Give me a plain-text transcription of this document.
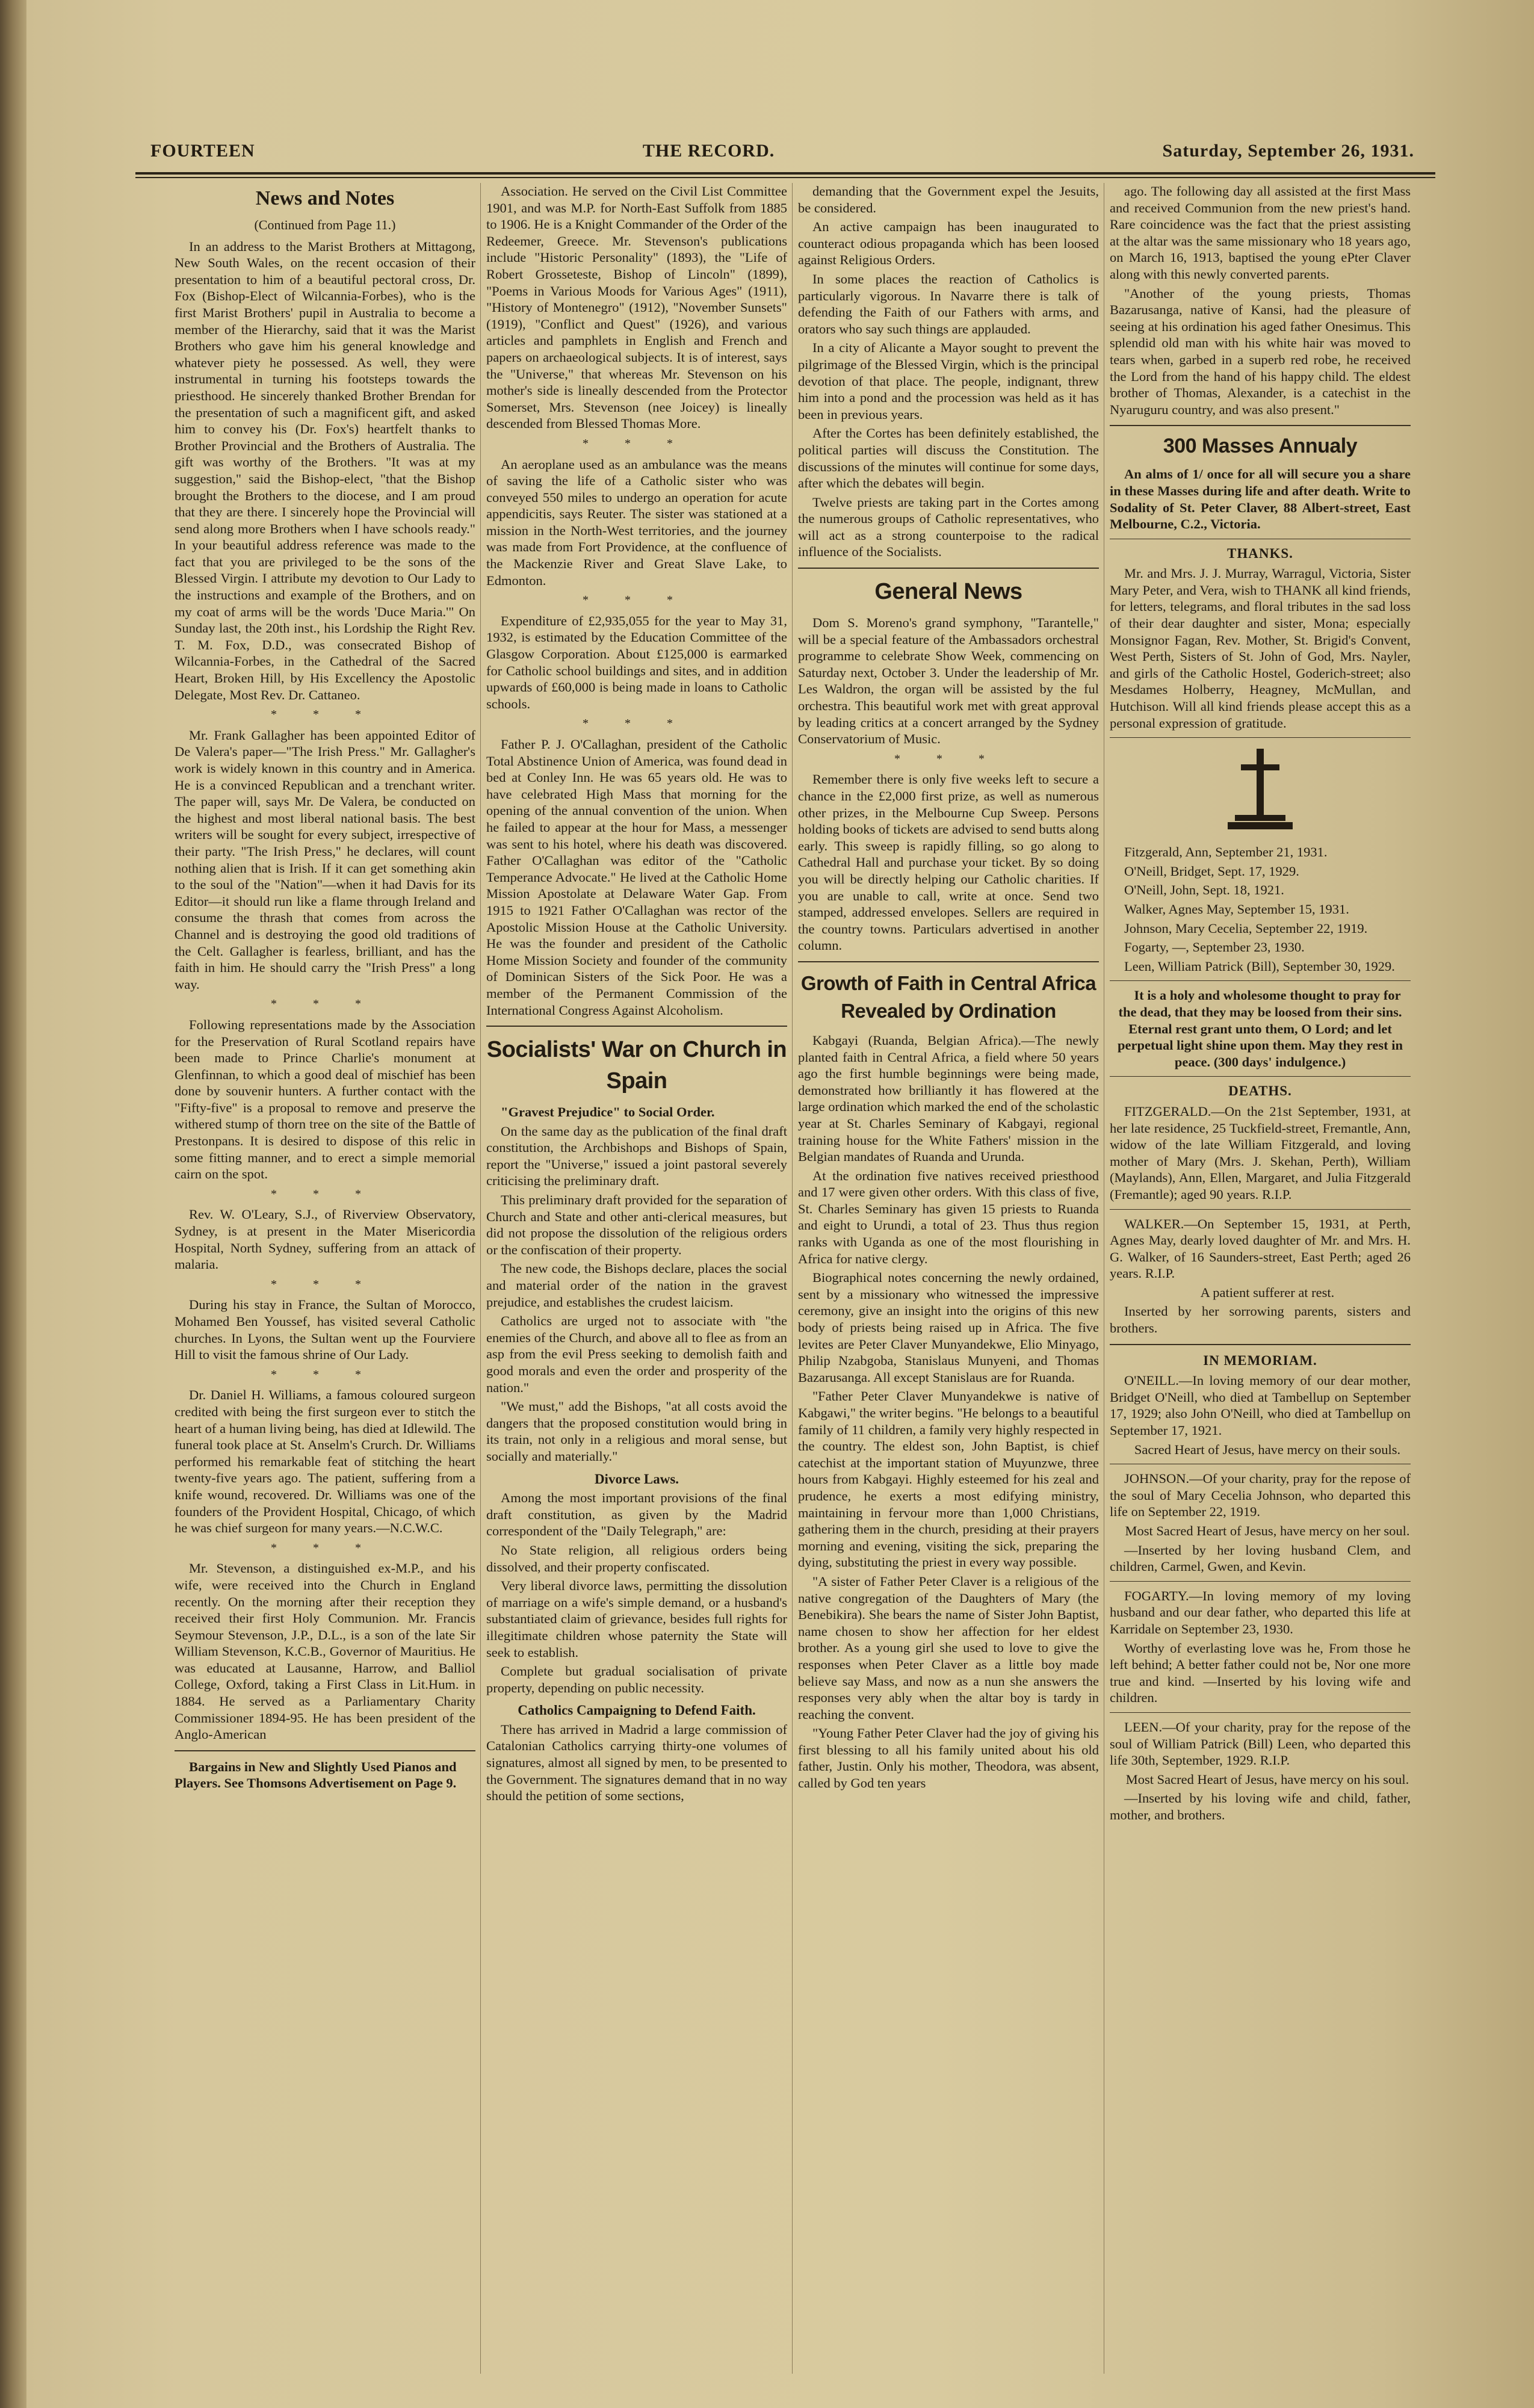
FOURTEEN	THE RECORD.	Saturday, September 26, 1931.
News and Notes
(Continued from Page 11.)

In an address to the Marist Brothers at Mittagong, New South Wales, on the recent occasion of their presentation to him of a beautiful pectoral cross, Dr. Fox (Bishop-Elect of Wilcannia-Forbes), who is the first Marist Brothers' pupil in Australia to become a member of the Hierarchy, said that it was the Marist Brothers who gave him his general knowledge and whatever piety he possessed. As well, they were instrumental in turning his footsteps towards the priesthood. He sincerely thanked Brother Brendan for the presentation of such a magnificent gift, and asked him to convey his (Dr. Fox's) heartfelt thanks to Brother Provincial and the Brothers of Australia. The gift was worthy of the Brothers. "It was at my suggestion," said the Bishop-elect, "that the Bishop brought the Brothers to the diocese, and I am proud that they are there. I sincerely hope the Provincial will send along more Brothers when I have schools ready." In your beautiful address reference was made to the fact that you are privileged to be the sons of the Blessed Virgin. I attribute my devotion to Our Lady to the instructions and example of the Brothers, and on my coat of arms will be the words 'Duce Maria.'" On Sunday last, the 20th inst., his Lordship the Right Rev. T. M. Fox, D.D., was consecrated Bishop of Wilcannia-Forbes, in the Cathedral of the Sacred Heart, Broken Hill, by His Excellency the Apostolic Delegate, Most Rev. Dr. Cattaneo.

***

Mr. Frank Gallagher has been appointed Editor of De Valera's paper—"The Irish Press." Mr. Gallagher's work is widely known in this country and in America. He is a convinced Republican and a trenchant writer. The paper will, says Mr. De Valera, be conducted on the highest and most liberal national basis. The best writers will be sought for every subject, irrespective of their party. "The Irish Press," he declares, will count nothing alien that is Irish. If it can get something akin to the soul of the "Nation"—when it had Davis for its Editor—it should run like a flame through Ireland and consume the thrash that comes from across the Channel and is destroying the good old traditions of the Celt. Gallagher is fearless, brilliant, and has the faith in him. He should carry the "Irish Press" a long way.

***

Following representations made by the Association for the Preservation of Rural Scotland repairs have been made to Prince Charlie's monument at Glenfinnan, to which a good deal of mischief has been done by souvenir hunters. A further contact with the "Fifty-five" is a proposal to remove and preserve the withered stump of thorn tree on the site of the Battle of Prestonpans. It is desired to dispose of this relic in some fitting manner, and to erect a simple memorial cairn on the spot.

***

Rev. W. O'Leary, S.J., of Riverview Observatory, Sydney, is at present in the Mater Misericordia Hospital, North Sydney, suffering from an attack of malaria.

***

During his stay in France, the Sultan of Morocco, Mohamed Ben Youssef, has visited several Catholic churches. In Lyons, the Sultan went up the Fourviere Hill to visit the famous shrine of Our Lady.

***

Dr. Daniel H. Williams, a famous coloured surgeon credited with being the first surgeon ever to stitch the heart of a human living being, has died at Idlewild. The funeral took place at St. Anselm's Crurch. Dr. Williams performed his remarkable feat of stitching the heart twenty-five years ago. The patient, suffering from a knife wound, recovered. Dr. Williams was one of the founders of the Provident Hospital, Chicago, of which he was chief surgeon for many years.—N.C.W.C.

***

Mr. Stevenson, a distinguished ex-M.P., and his wife, were received into the Church in England recently. On the morning after their reception they received their first Holy Communion. Mr. Francis Seymour Stevenson, J.P., D.L., is a son of the late Sir William Stevenson, K.C.B., Governor of Mauritius. He was educated at Lausanne, Harrow, and Balliol College, Oxford, taking a First Class in Lit.Hum. in 1884. He served as a Parliamentary Charity Commissioner 1894-95. He has been president of the Anglo-American

Bargains in New and Slightly Used Pianos and Players. See Thomsons Advertisement on Page 9.

Association. He served on the Civil List Committee 1901, and was M.P. for North-East Suffolk from 1885 to 1906. He is a Knight Commander of the Order of the Redeemer, Greece. Mr. Stevenson's publications include "Historic Personality" (1893), the "Life of Robert Grosseteste, Bishop of Lincoln" (1899), "Poems in Various Moods for Various Ages" (1911), "History of Montenegro" (1912), "November Sunsets" (1919), "Conflict and Quest" (1926), and various articles and pamphlets in English and French and papers on archaeological subjects. It is of interest, says the "Universe," that whereas Mr. Stevenson on his mother's side is lineally descended from the Protector Somerset, Mrs. Stevenson (nee Joicey) is lineally descended from Blessed Thomas More.

***

An aeroplane used as an ambulance was the means of saving the life of a Catholic sister who was conveyed 550 miles to undergo an operation for acute appendicitis, says Reuter. The sister was stationed at a mission in the North-West territories, and the journey was made from Fort Providence, at the confluence of the Mackenzie River and Great Slave Lake, to Edmonton.

***

Expenditure of £2,935,055 for the year to May 31, 1932, is estimated by the Education Committee of the Glasgow Corporation. About £125,000 is earmarked for Catholic school buildings and sites, and in addition upwards of £60,000 is being made in loans to Catholic schools.

***

Father P. J. O'Callaghan, president of the Catholic Total Abstinence Union of America, was found dead in bed at Conley Inn. He was 65 years old. He was to have celebrated High Mass that morning for the opening of the annual convention of the union. When he failed to appear at the hour for Mass, a messenger was sent to his hotel, where his death was discovered. Father O'Callaghan was editor of the "Catholic Temperance Advocate." He lived at the Catholic Home Mission Apostolate at Delaware Water Gap. From 1915 to 1921 Father O'Callaghan was rector of the Apostolic Mission House at the Catholic University. He was the founder and president of the Catholic Home Mission Society and founder of the community of Dominican Sisters of the Sick Poor. He was a member of the Permanent Commission of the International Congress Against Alcoholism.

Socialists' War on Church in Spain

"Gravest Prejudice" to Social Order.

On the same day as the publication of the final draft constitution, the Archbishops and Bishops of Spain, report the "Universe," issued a joint pastoral severely criticising the preliminary draft.

This preliminary draft provided for the separation of Church and State and other anti-clerical measures, but did not propose the dissolution of the religious orders or the confiscation of their property.

The new code, the Bishops declare, places the social and material order of the nation in the gravest prejudice, and establishes the crudest laicism.

Catholics are urged not to associate with "the enemies of the Church, and above all to flee as from an asp from the evil Press seeking to demolish faith and good morals and even the order and prosperity of the nation."

"We must," add the Bishops, "at all costs avoid the dangers that the proposed constitution would bring in its train, not only in a religious and moral sense, but socially and materially."

Divorce Laws.

Among the most important provisions of the final draft constitution, as given by the Madrid correspondent of the "Daily Telegraph," are:

No State religion, all religious orders being dissolved, and their property confiscated.

Very liberal divorce laws, permitting the dissolution of marriage on a wife's simple demand, or a husband's substantiated claim of grievance, besides full rights for illegitimate children whose paternity the State will seek to establish.

Complete but gradual socialisation of private property, depending on public necessity.

Catholics Campaigning to Defend Faith.

There has arrived in Madrid a large commission of Catalonian Catholics carrying thirty-one volumes of signatures, almost all signed by men, to be presented to the Government. The signatures demand that in no way should the petition of some sections,

demanding that the Government expel the Jesuits, be considered.

An active campaign has been inaugurated to counteract odious propaganda which has been loosed against Religious Orders.

In some places the reaction of Catholics is particularly vigorous. In Navarre there is talk of defending the Faith of our Fathers with arms, and orators who say such things are applauded.

In a city of Alicante a Mayor sought to prevent the pilgrimage of the Blessed Virgin, which is the principal devotion of that place. The people, indignant, threw him into a pond and the procession was held as it has been in previous years.

After the Cortes has been definitely established, the political parties will discuss the Constitution. The discussions of the minutes will continue for some days, after which the debates will begin.

Twelve priests are taking part in the Cortes among the numerous groups of Catholic representatives, who will act as a strong counterpoise to the radical influence of the Socialists.

General News

Dom S. Moreno's grand symphony, "Tarantelle," will be a special feature of the Ambassadors orchestral programme to celebrate Show Week, commencing on Saturday next, October 3. Under the leadership of Mr. Les Waldron, the organ will be assisted by the ful orchestra. This beautiful work met with great approval by leading critics at a concert arranged by the Sydney Conservatorium of Music.

***

Remember there is only five weeks left to secure a chance in the £2,000 first prize, as well as numerous other prizes, in the Melbourne Cup Sweep. Persons holding books of tickets are advised to send butts along early. This sweep is rapidly filling, so go along to Cathedral Hall and purchase your ticket. By so doing you will be directly helping our Catholic charities. If you are unable to call, write at once. Send two stamped, addressed envelopes. Sellers are required in the country towns. Particulars advertised in another column.

Growth of Faith in Central Africa Revealed by Ordination

Kabgayi (Ruanda, Belgian Africa).—The newly planted faith in Central Africa, a field where 50 years ago the first humble beginnings were being made, demonstrated how brilliantly it has flowered at the large ordination which marked the end of the scholastic year at St. Charles Seminary of Kabgayi, regional training house for the White Fathers' mission in the Belgian mandates of Ruanda and Urunda.

At the ordination five natives received priesthood and 17 were given other orders. With this class of five, St. Charles Seminary has given 15 priests to Ruanda and eight to Urundi, a total of 23. Thus thus region ranks with Uganda as one of the most flourishing in Africa for native clergy.

Biographical notes concerning the newly ordained, sent by a missionary who witnessed the impressive ceremony, give an insight into the origins of this new body of priests being raised up in Africa. The five levites are Peter Claver Munyandekwe, Elio Minyago, Philip Nzabgoba, Stanislaus Munyeni, and Thomas Bazarusanga. All except Stanislaus are for Ruanda.

"Father Peter Claver Munyandekwe is native of Kabgawi," the writer begins. "He belongs to a beautiful family of 11 children, a family very highly respected in the country. The eldest son, John Baptist, is chief catechist at the important station of Muyunzwe, three hours from Kabgayi. Highly esteemed for his zeal and prudence, he exerts a most edifying ministry, maintaining in fervour more than 1,000 Christians, gathering them in the church, presiding at their prayers morning and evening, visiting the sick, preparing the dying, substituting the priest in every way possible.

"A sister of Father Peter Claver is a religious of the native congregation of the Daughters of Mary (the Benebikira). She bears the name of Sister John Baptist, name chosen to show her affection for her eldest brother. As a young girl she used to love to give the responses when Peter Claver as a little boy made believe say Mass, and now as a nun she answers the responses very ably when the altar boy is tardy in reaching the convent.

"Young Father Peter Claver had the joy of giving his first blessing to all his family united about his old father, Justin. Only his mother, Theodora, was absent, called by God ten years

ago. The following day all assisted at the first Mass and received Communion from the new priest's hand. Rare coincidence was the fact that the priest assisting at the altar was the same missionary who 18 years ago, on March 16, 1913, baptised the young ePter Claver along with this newly converted parents.

"Another of the young priests, Thomas Bazarusanga, native of Kansi, had the pleasure of seeing at his ordination his aged father Onesimus. This splendid old man with his white hair was moved to tears when, garbed in a superb red robe, he received the Lord from the hand of his happy child. The eldest brother of Thomas, Alexander, is a catechist in the Nyaruguru country, and was also present."

300 Masses Annualy

An alms of 1/ once for all will secure you a share in these Masses during life and after death. Write to Sodality of St. Peter Claver, 88 Albert-street, East Melbourne, C.2., Victoria.

THANKS.

Mr. and Mrs. J. J. Murray, Warragul, Victoria, Sister Mary Peter, and Vera, wish to THANK all kind friends, for letters, telegrams, and floral tributes in the sad loss of their dear daughter and sister, Mona; especially Monsignor Fagan, Rev. Mother, St. Brigid's Convent, West Perth, Sisters of St. John of God, Mrs. Nayler, and girls of the Catholic Hostel, Goderich-street; also Mesdames Holberry, Heagney, McMullan, and Hutchison. Will all kind friends please accept this as a personal expression of gratitude.

Fitzgerald, Ann, September 21, 1931.

O'Neill, Bridget, Sept. 17, 1929.

O'Neill, John, Sept. 18, 1921.

Walker, Agnes May, September 15, 1931.

Johnson, Mary Cecelia, September 22, 1919.

Fogarty, —, September 23, 1930.

Leen, William Patrick (Bill), September 30, 1929.

It is a holy and wholesome thought to pray for the dead, that they may be loosed from their sins. Eternal rest grant unto them, O Lord; and let perpetual light shine upon them. May they rest in peace. (300 days' indulgence.)

DEATHS.

FITZGERALD.—On the 21st September, 1931, at her late residence, 25 Tuckfield-street, Fremantle, Ann, widow of the late William Fitzgerald, and loving mother of Mary (Mrs. J. Skehan, Perth), William (Maylands), Ann, Ellen, Margaret, and Julia Fitzgerald (Fremantle); aged 90 years. R.I.P.

WALKER.—On September 15, 1931, at Perth, Agnes May, dearly loved daughter of Mr. and Mrs. H. G. Walker, of 16 Saunders-street, East Perth; aged 26 years. R.I.P.

A patient sufferer at rest.

Inserted by her sorrowing parents, sisters and brothers.

IN MEMORIAM.

O'NEILL.—In loving memory of our dear mother, Bridget O'Neill, who died at Tambellup on September 17, 1929; also John O'Neill, who died at Tambellup on September 17, 1921.

Sacred Heart of Jesus, have mercy on their souls.

JOHNSON.—Of your charity, pray for the repose of the soul of Mary Cecelia Johnson, who departed this life on September 22, 1919.

Most Sacred Heart of Jesus, have mercy on her soul.

—Inserted by her loving husband Clem, and children, Carmel, Gwen, and Kevin.

FOGARTY.—In loving memory of my loving husband and our dear father, who departed this life at Karridale on September 23, 1930.

Worthy of everlasting love was he, From those he left behind; A better father could not be, Nor one more true and kind. —Inserted by his loving wife and children.

LEEN.—Of your charity, pray for the repose of the soul of William Patrick (Bill) Leen, who departed this life 30th, September, 1929. R.I.P.

Most Sacred Heart of Jesus, have mercy on his soul.

—Inserted by his loving wife and child, father, mother, and brothers.
